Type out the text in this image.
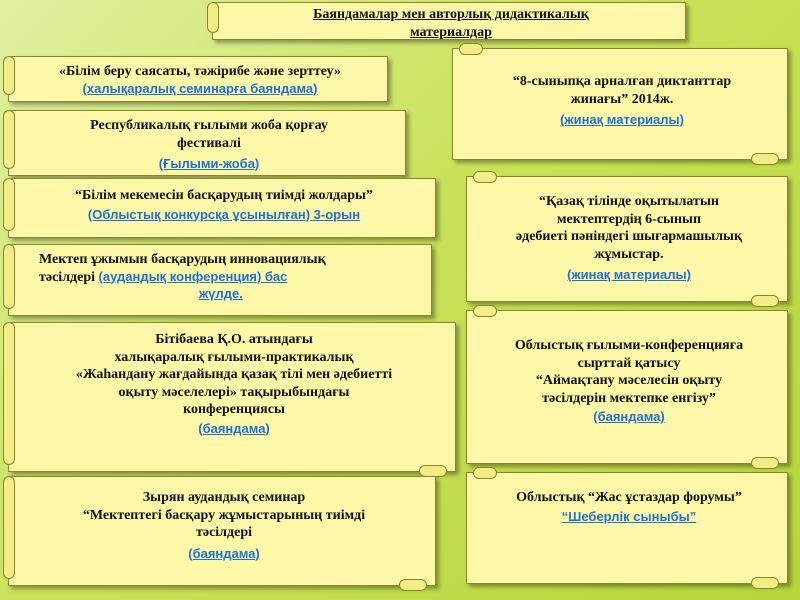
Баяндамалар мен авторлық дидактикалық
материалдар
«Білім беру саясаты, тәжірибе және зерттеу»
(халықаралық семинарға баяндама)
Республикалық ғылыми жоба қорғау
фестивалі
(Ғылыми-жоба)
“Білім мекемесін басқарудың тиімді жолдары”
(Облыстық конкурсқа ұсынылған) 3-орын
Мектеп ұжымын басқарудың инновациялық
тәсілдері (аудандық конференция) бас
жүлде.
Бітібаева Қ.О. атындағы
халықаралық ғылыми-практикалық
«Жаһандану жағдайында қазақ тілі мен әдебиетті
оқыту мәселелері» тақырыбындағы
конференциясы
(баяндама)
Зырян аудандық семинар
“Мектептегі басқару жұмыстарының тиімді
тәсілдері
(баяндама)
“8-сыныпқа арналған диктанттар
жинағы” 2014ж.
(жинақ материалы)
“Қазақ тілінде оқытылатын
мектептердің 6-сынып
әдебиеті пәніндегі шығармашылық
жұмыстар.
(жинақ материалы)
Облыстық ғылыми-конференцияға
сырттай қатысу
“Аймақтану мәселесін оқыту
тәсілдерін мектепке енгізу”
(баяндама)
Облыстық “Жас ұстаздар форумы”
“Шеберлік сыныбы”
